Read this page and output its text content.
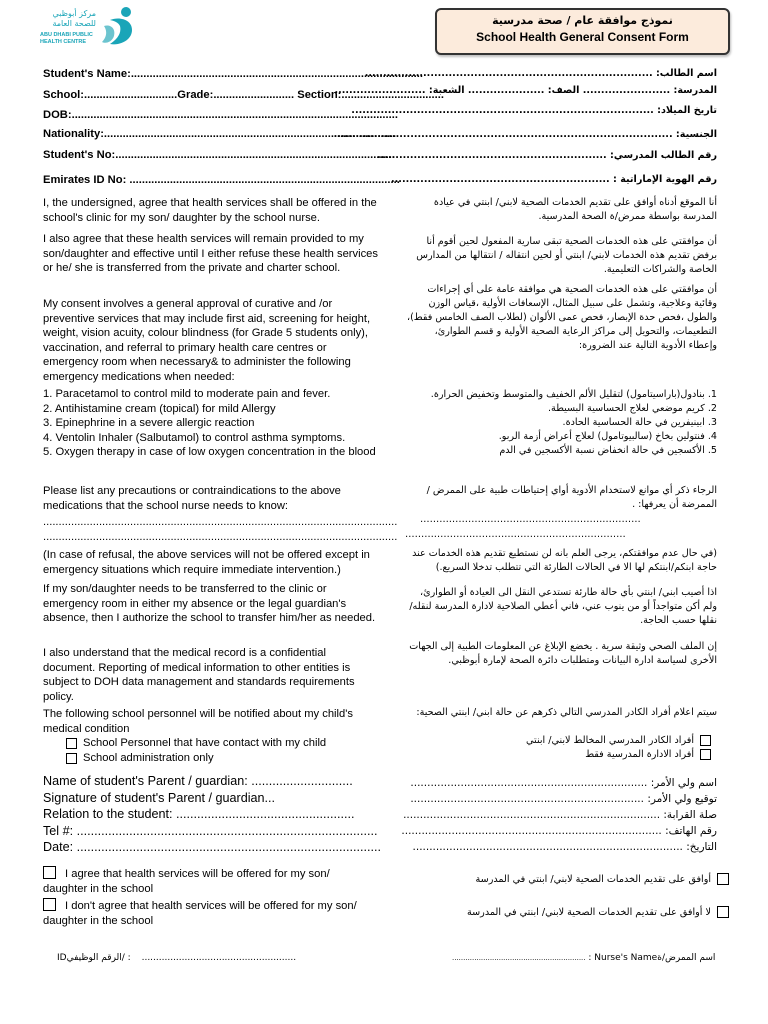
مركز أبوظبي
للصحة العامة
ABU DHABI PUBLIC
HEALTH CENTRE
نموذج موافقة عام / صحة مدرسية
School Health General Consent Form
Student's Name:..............................................................................................
School:..............................Grade:.......................... Section:.................................
DOB:.........................................................................................................
Nationality:..............................................................................................
Student's No:..........................................................................................
Emirates ID No: .......................................................................................
اسم الطالب: ...............................................................................
المدرسة: ........................ الصف: ..................... الشعبة: .........................
تاريخ الميلاد: ...................................................................................
الجنسية: .............................................................................................
رقم الطالب المدرسي: ...............................................................
رقم الهوية الإماراتية : ............................................................
I, the undersigned, agree that health services shall be offered in the school's clinic for my son/ daughter by the school nurse.
I also agree that these health services will remain provided to my son/daughter and effective until I either refuse these health services or he/ she is transferred from the private and charter school.
My consent involves a general approval of curative and /or preventive services that may include first aid, screening for height, weight, vision acuity, colour blindness (for Grade 5 students only), vaccination, and referral to primary health care centres or emergency room when necessary& to administer the following emergency medications when needed:
1. Paracetamol to control mild to moderate pain and fever.
2. Antihistamine cream (topical) for mild Allergy
3. Epinephrine in a severe allergic reaction
4. Ventolin Inhaler (Salbutamol) to control asthma symptoms.
5. Oxygen therapy in case of low oxygen concentration in the blood
Please list any precautions or contraindications to the above medications that the school nurse needs to know:
..................................................................................................................
..................................................................................................................
(In case of refusal, the above services will not be offered except in emergency situations which require immediate intervention.)
If my son/daughter needs to be transferred to the clinic or emergency room in either my absence or the legal guardian's absence, then I authorize the school to transfer him/her as needed.
I also understand that the medical record is a confidential document. Reporting of medical information to other entities is subject to DOH data management and standards requirements policy.
The following school personnel will be notified about my child's medical condition
School Personnel that have contact with my child
School administration only
Name of student's Parent / guardian: .............................
Signature of student's Parent / guardian...
Relation to the student: ...................................................
Tel #: ......................................................................................
Date: .......................................................................................
I agree that health services will be offered for my son/ daughter in the school
I don't agree that health services will be offered for my son/ daughter in the school
أنا الموقع أدناه أوافق على تقديم الخدمات الصحية لابني/ ابنتي في عيادة المدرسة بواسطة ممرض/ة الصحة المدرسية.
أن موافقتي على هذه الخدمات الصحية تبقى سارية المفعول لحين أقوم أنا برفض تقديم هذه الخدمات لابني/ ابنتي أو لحين انتقاله / انتقالها من المدارس الخاصة والشراكات التعليمية.
أن موافقتي على هذه الخدمات الصحية هي موافقة عامة على أي إجراءات وقائية وعلاجية، وتشمل على سبيل المثال، الإسعافات الأولية ،قياس الوزن والطول ،فحص حدة الإبصار، فحص عمى الألوان (لطلاب الصف الخامس فقط)، التطعيمات، والتحويل إلى مراكز الرعاية الصحية الأولية و قسم الطوارئ، وإعطاء الأدوية التالية عند الضرورة:
1. بنادول(باراسيتامول) لتقليل الألم الخفيف والمتوسط وتخفيض الحرارة.
2. كريم موضعي لعلاج الحساسية البسيطة.
3. ابينيفرين في حالة الحساسية الحادة.
4. فنتولين بخاخ (سالبيوتامول) لعلاج أعراض أزمة الربو.
5. الأكسجين في حالة انخفاض نسبة الأكسجين في الدم
الرجاء ذكر أي موانع لاستخدام الأدوية أواي إحتياطات طبية على الممرض / الممرضة أن يعرفها: .
……………………………………………………………
……………………………………………………………
(في حال عدم موافقتكم، يرجى العلم بانه لن نستطيع تقديم هذه الخدمات عند حاجة ابنكم/ابنتكم لها الا في الحالات الطارئة التي تتطلب تدخلا السريع.)
اذا أصيب ابني/ ابنتي بأي حالة طارئة تستدعي النقل الى العيادة أو الطوارئ، ولم أكن متواجداً أو من ينوب عني، فاني أعطي الصلاحية لادارة المدرسة لنقله/ نقلها حسب الحاجة.
إن الملف الصحي وثيقة سرية . يخضع الإبلاغ عن المعلومات الطبية إلى الجهات الأخرى لسياسة ادارة البيانات ومتطلبات دائرة الصحة لإمارة أبوظبي.
سيتم اعلام أفراد الكادر المدرسي التالي ذكرهم عن حالة ابني/ ابنتي الصحية:
أفراد الكادر المدرسي المخالط لابني/ ابنتي
أفراد الادارة المدرسية فقط
اسم ولي الأمر: .......................................................................
توقيع ولي الأمر: ......................................................................
صلة القرابة: .............................................................................
رقم الهاتف: ..............................................................................
التاريخ: .................................................................................
أوافق على تقديم الخدمات الصحية لابني/ ابنتي في المدرسة
لا أوافق على تقديم الخدمات الصحية لابني/ ابنتي في المدرسة
IDالرقم الوظيفي/ : ......................................................	............................................................ : Nurse's Nameاسم الممرض/ة
